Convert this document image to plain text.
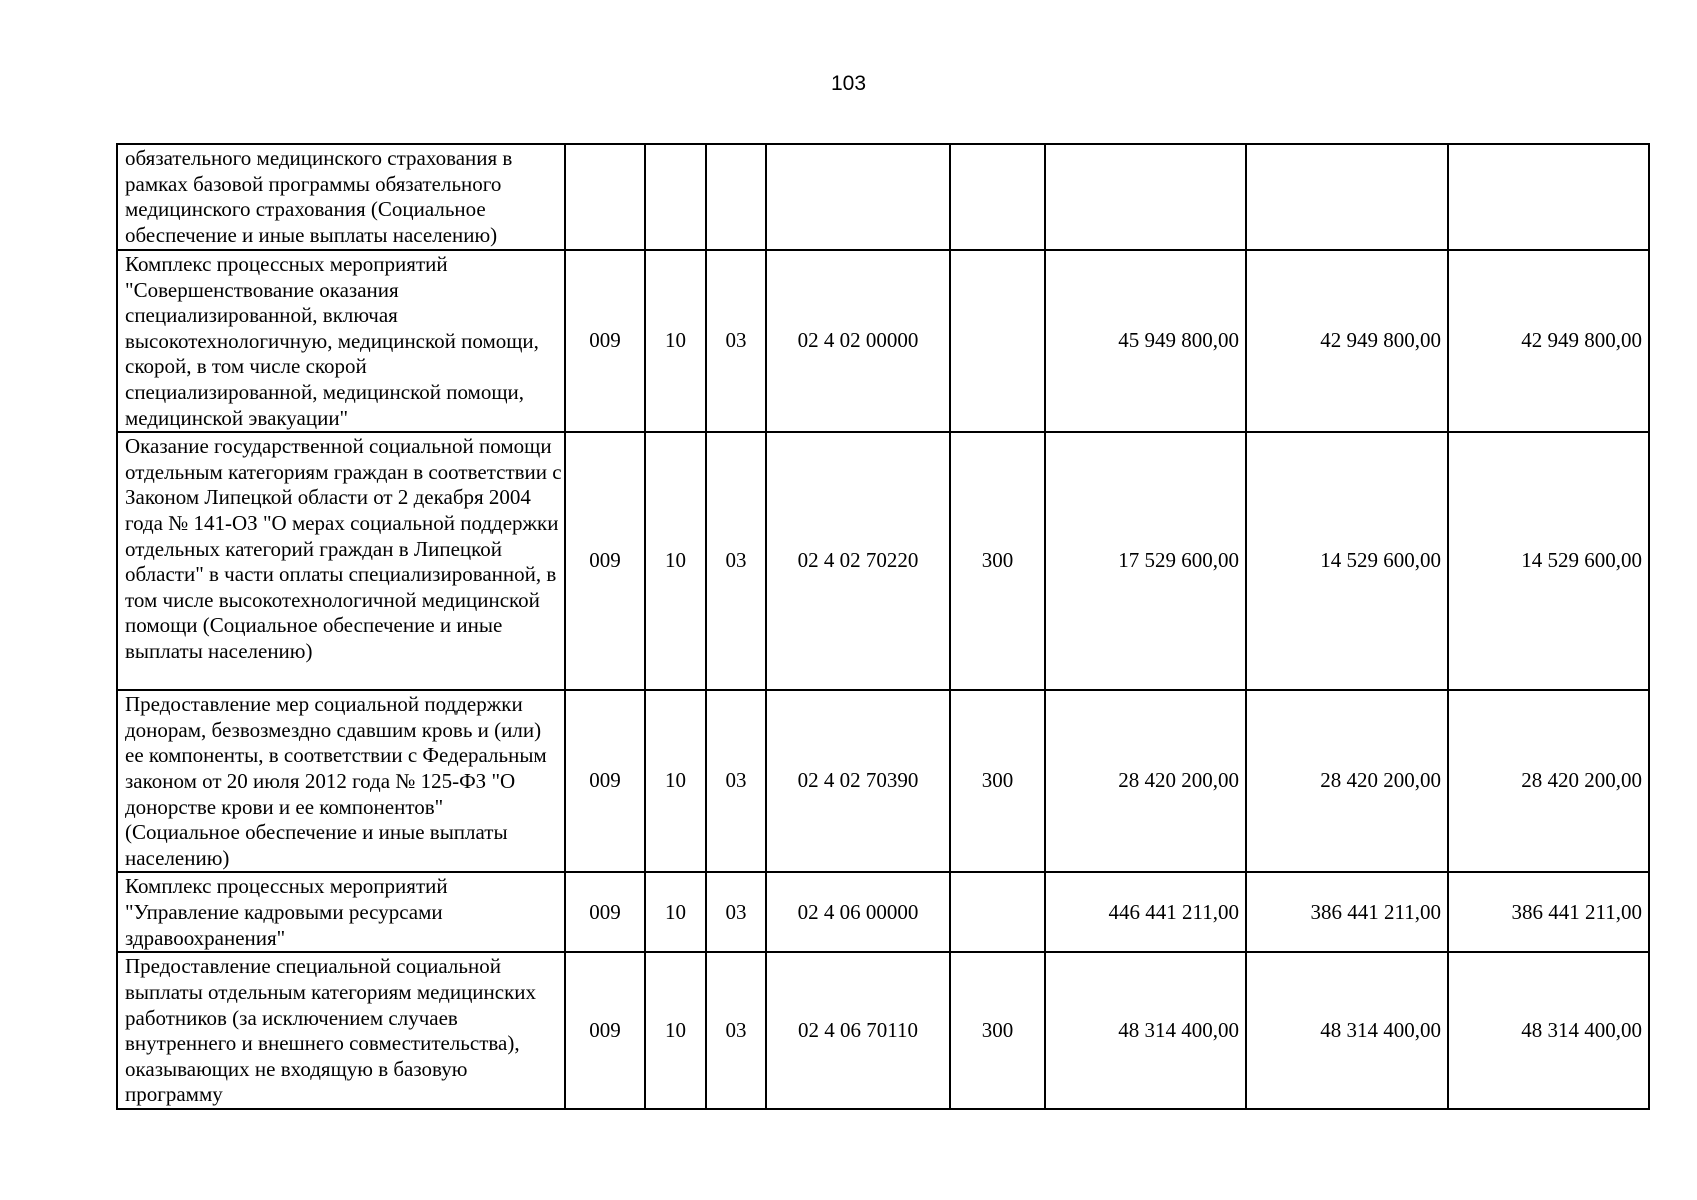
103
обязательного медицинского страхования в рамках базовой программы обязательного медицинского страхования (Социальное обеспечение и иные выплаты населению)								
Комплекс процессных мероприятий "Совершенствование оказания специализированной, включая высокотехнологичную, медицинской помощи, скорой, в том числе скорой специализированной, медицинской помощи, медицинской эвакуации"	009	10	03	02 4 02 00000		45 949 800,00	42 949 800,00	42 949 800,00
Оказание государственной социальной помощи отдельным категориям граждан в соответствии с Законом Липецкой области от 2 декабря 2004 года № 141-ОЗ "О мерах социальной поддержки отдельных категорий граждан в Липецкой области" в части оплаты специализированной, в том числе высокотехнологичной медицинской помощи (Социальное обеспечение и иные выплаты населению)	009	10	03	02 4 02 70220	300	17 529 600,00	14 529 600,00	14 529 600,00
Предоставление мер социальной поддержки донорам, безвозмездно сдавшим кровь и (или) ее компоненты, в соответствии с Федеральным законом от 20 июля 2012 года № 125-ФЗ "О донорстве крови и ее компонентов" (Социальное обеспечение и иные выплаты населению)	009	10	03	02 4 02 70390	300	28 420 200,00	28 420 200,00	28 420 200,00
Комплекс процессных мероприятий "Управление кадровыми ресурсами здравоохранения"	009	10	03	02 4 06 00000		446 441 211,00	386 441 211,00	386 441 211,00
Предоставление специальной социальной выплаты отдельным категориям медицинских работников (за исключением случаев внутреннего и внешнего совместительства), оказывающих не входящую в базовую программу	009	10	03	02 4 06 70110	300	48 314 400,00	48 314 400,00	48 314 400,00
